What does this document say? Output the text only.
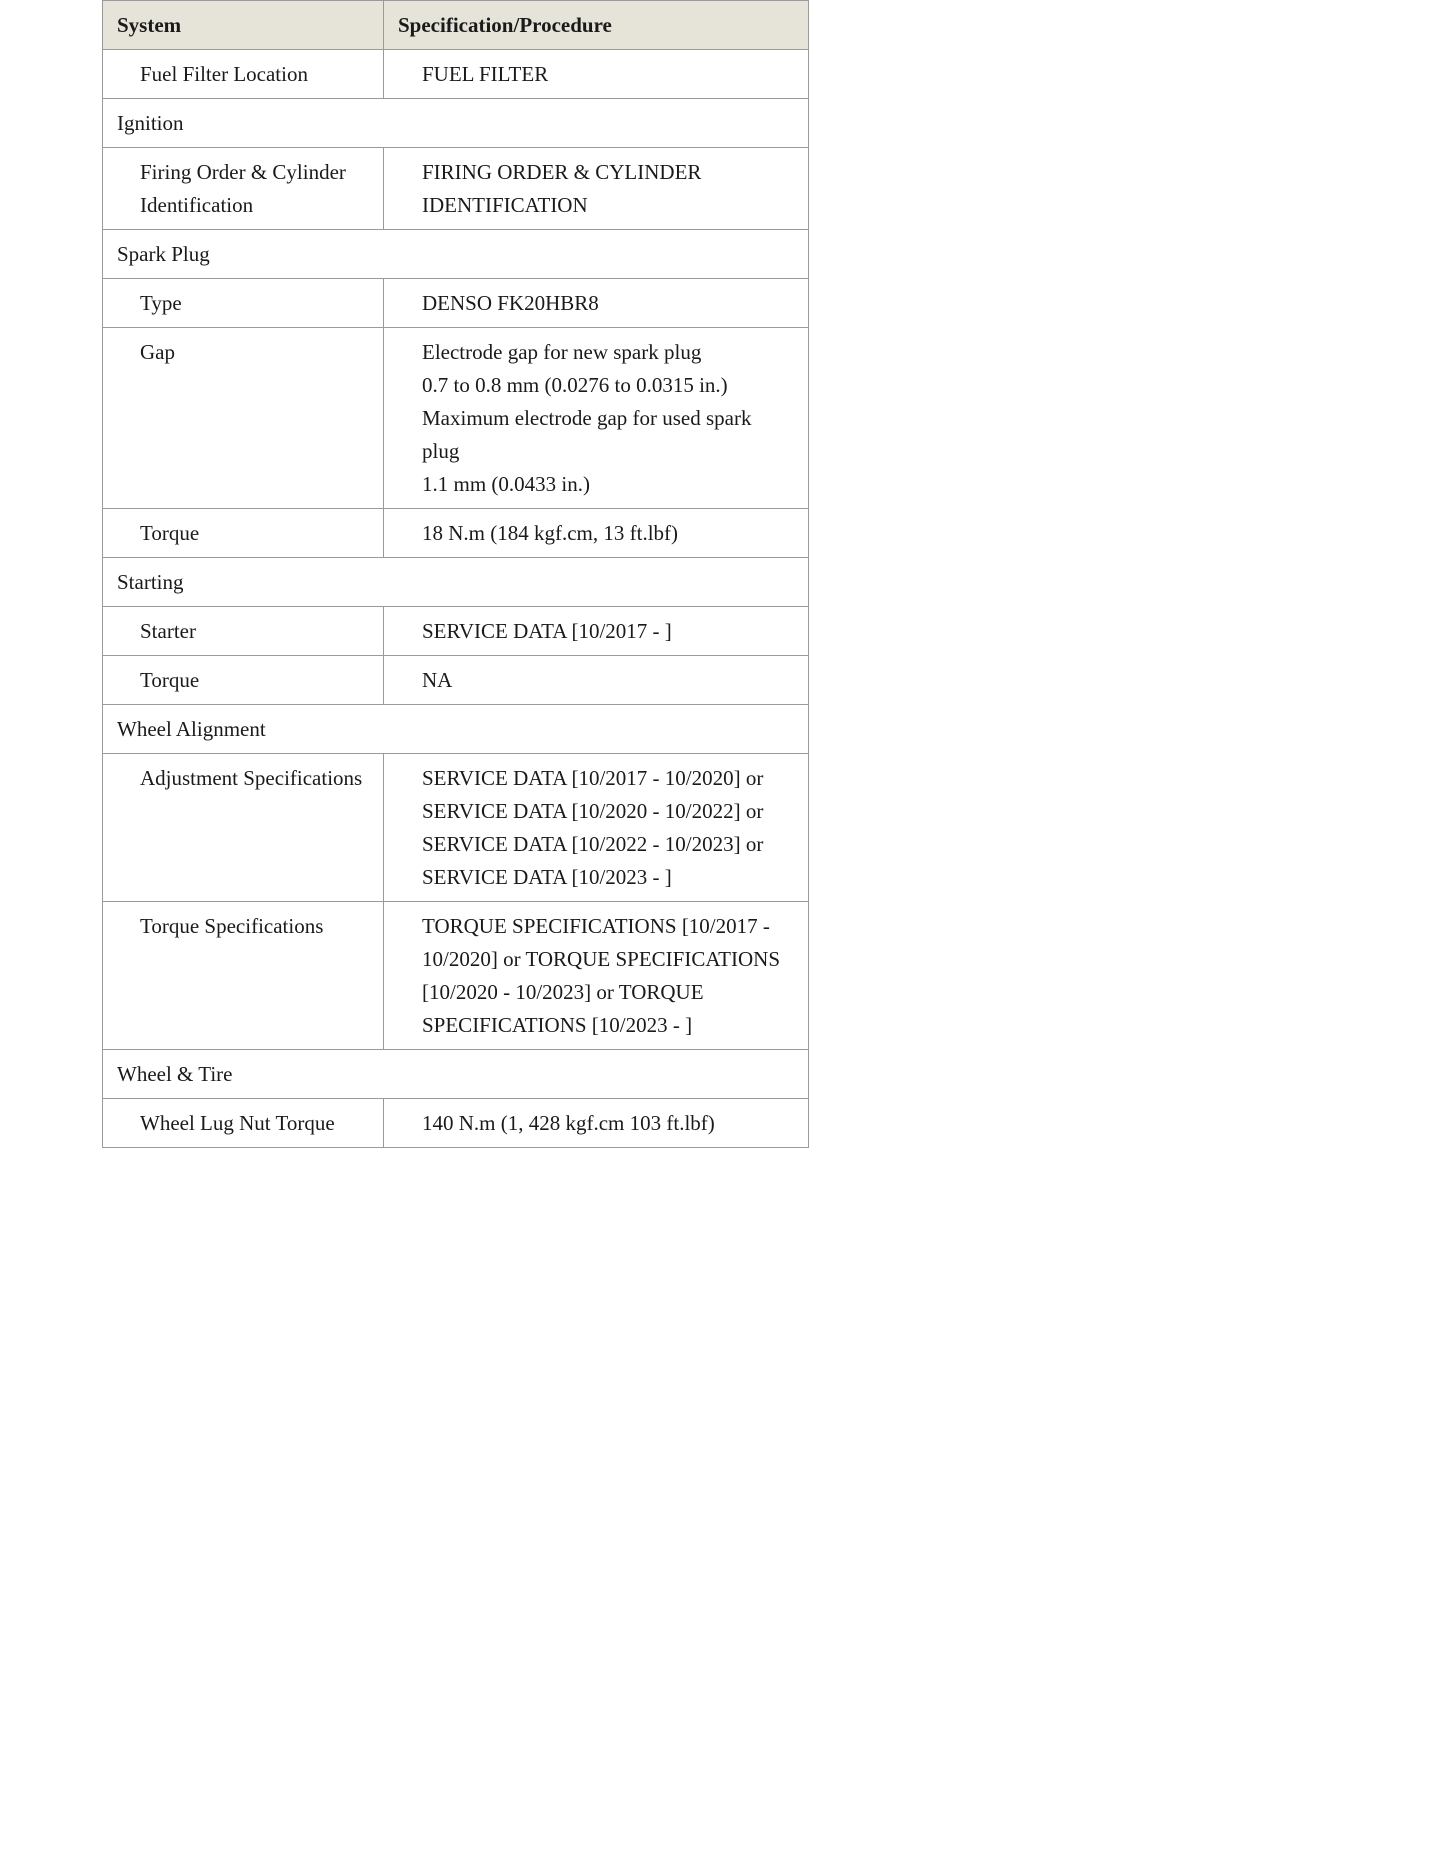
System	Specification/Procedure
Fuel Filter Location	FUEL FILTER

Ignition	
Firing Order & Cylinder Identification	FIRING ORDER & CYLINDER IDENTIFICATION

Spark Plug	
Type	DENSO FK20HBR8

Gap	Electrode gap for new spark plug
0.7 to 0.8 mm (0.0276 to 0.0315 in.)
Maximum electrode gap for used spark plug
1.1 mm (0.0433 in.)

Torque	18 N.m (184 kgf.cm, 13 ft.lbf)

Starting	
Starter	SERVICE DATA [10/2017 - ]

Torque	NA

Wheel Alignment	
Adjustment Specifications	SERVICE DATA [10/2017 - 10/2020] or
SERVICE DATA [10/2020 - 10/2022] or
SERVICE DATA [10/2022 - 10/2023] or
SERVICE DATA [10/2023 - ]

Torque Specifications	TORQUE SPECIFICATIONS [10/2017 - 10/2020] or TORQUE SPECIFICATIONS [10/2020 - 10/2023] or TORQUE SPECIFICATIONS [10/2023 - ]

Wheel & Tire	
Wheel Lug Nut Torque	140 N.m (1, 428 kgf.cm 103 ft.lbf)
